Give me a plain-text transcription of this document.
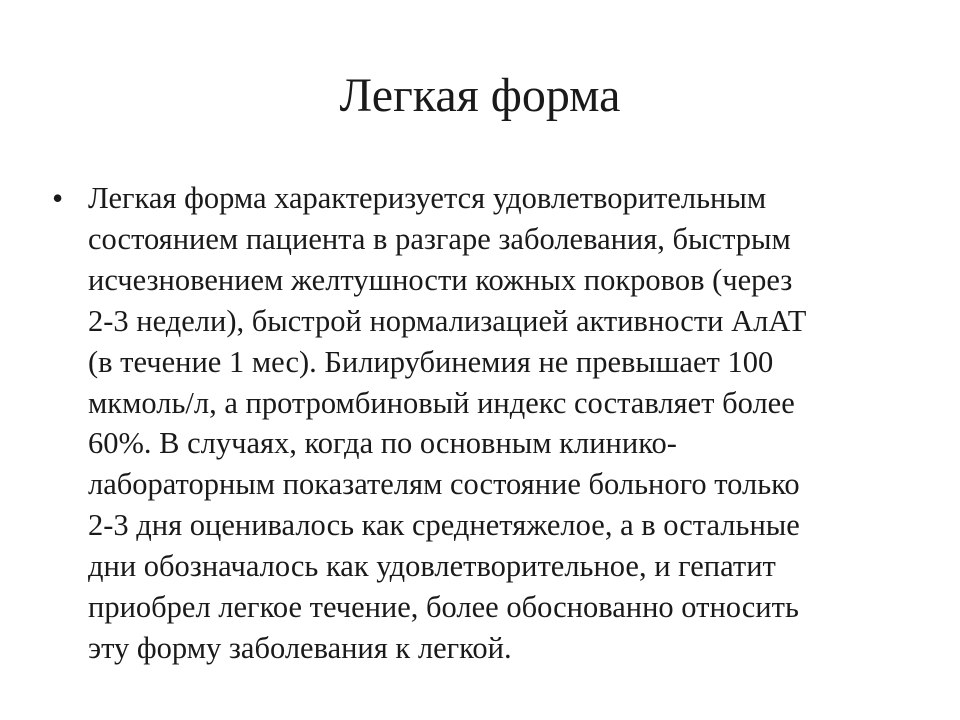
Легкая форма
• Легкая форма характеризуется удовлетворительным
состоянием пациента в разгаре заболевания, быстрым
исчезновением желтушности кожных покровов (через
2-3 недели), быстрой нормализацией активности АлАТ
(в течение 1 мес). Билирубинемия не превышает 100
мкмоль/л, а протромбиновый индекс составляет более
60%. В случаях, когда по основным клинико-
лабораторным показателям состояние больного только
2-3 дня оценивалось как среднетяжелое, а в остальные
дни обозначалось как удовлетворительное, и гепатит
приобрел легкое течение, более обоснованно относить
эту форму заболевания к легкой.
